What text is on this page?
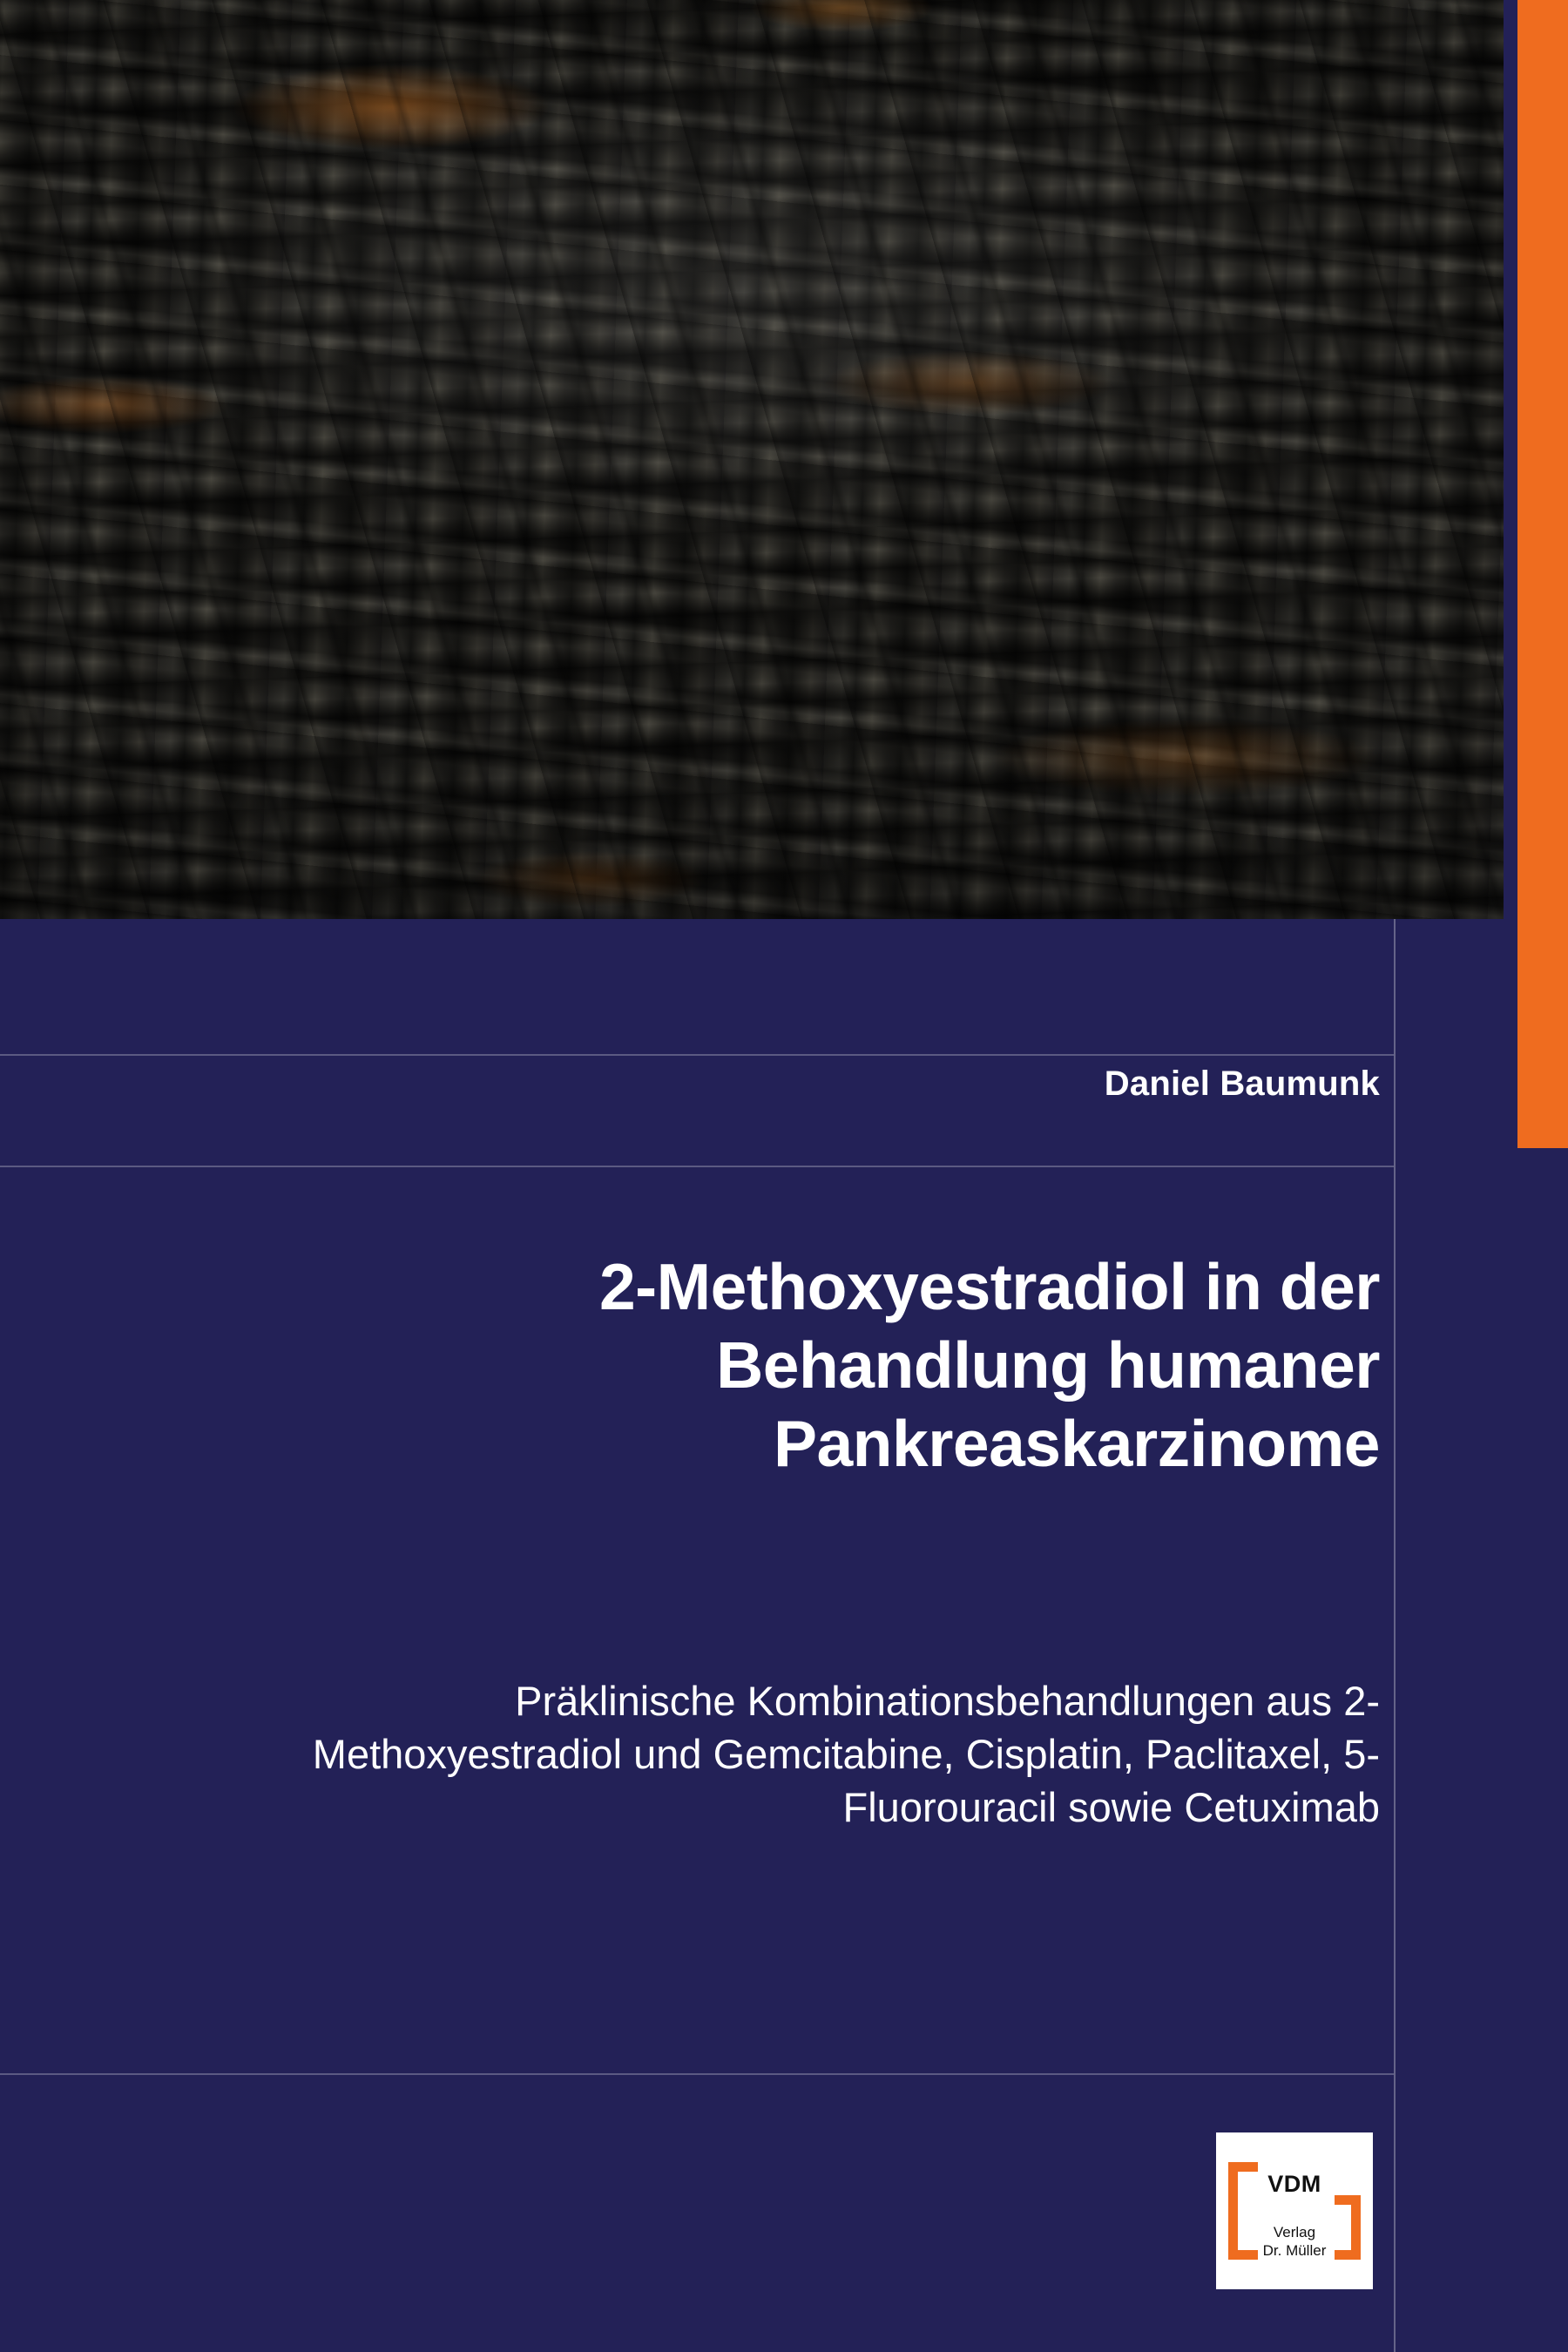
Daniel Baumunk
2-Methoxyestradiol in der Behandlung humaner Pankreaskarzinome
Präklinische Kombinationsbehandlungen aus 2-Methoxyestradiol und Gemcitabine, Cisplatin, Paclitaxel, 5-Fluorouracil sowie Cetuximab
VDM
Verlag
Dr. Müller
